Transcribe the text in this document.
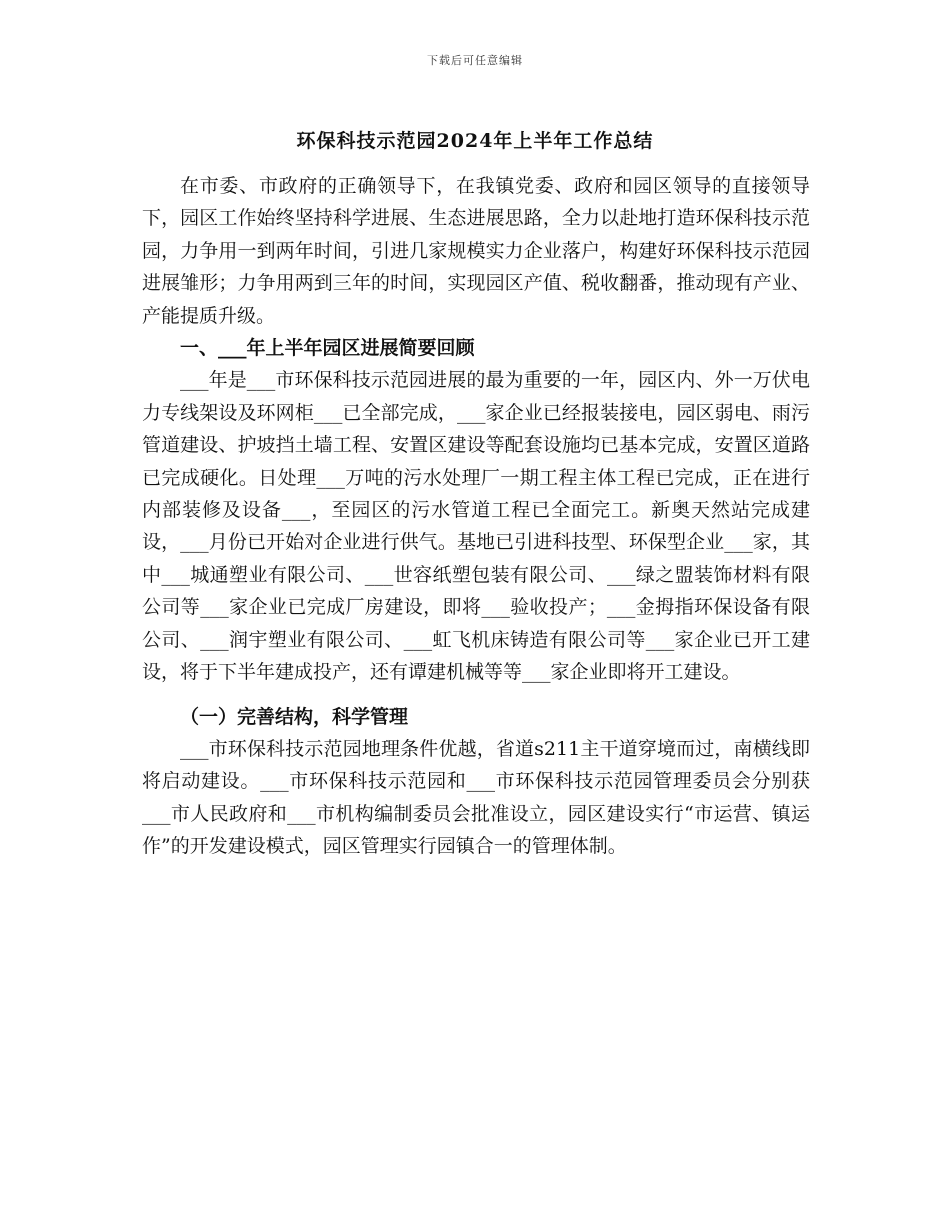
下载后可任意编辑
环保科技示范园2024年上半年工作总结

在市委、市政府的正确领导下，在我镇党委、政府和园区领导的直接领导下，园区工作始终坚持科学进展、生态进展思路，全力以赴地打造环保科技示范园，力争用一到两年时间，引进几家规模实力企业落户，构建好环保科技示范园进展雏形；力争用两到三年的时间，实现园区产值、税收翻番，推动现有产业、产能提质升级。

一、___年上半年园区进展简要回顾

___年是___市环保科技示范园进展的最为重要的一年，园区内、外一万伏电力专线架设及环网柜___已全部完成，___家企业已经报装接电，园区弱电、雨污管道建设、护坡挡土墙工程、安置区建设等配套设施均已基本完成，安置区道路已完成硬化。日处理___万吨的污水处理厂一期工程主体工程已完成，正在进行内部装修及设备___，至园区的污水管道工程已全面完工。新奥天然站完成建设，___月份已开始对企业进行供气。基地已引进科技型、环保型企业___家，其中___城通塑业有限公司、___世容纸塑包装有限公司、___绿之盟装饰材料有限公司等___家企业已完成厂房建设，即将___验收投产；___金拇指环保设备有限公司、___润宇塑业有限公司、___虹飞机床铸造有限公司等___家企业已开工建设，将于下半年建成投产，还有谭建机械等等___家企业即将开工建设。

（一）完善结构，科学管理

___市环保科技示范园地理条件优越，省道s211主干道穿境而过，南横线即将启动建设。___市环保科技示范园和___市环保科技示范园管理委员会分别获___市人民政府和___市机构编制委员会批准设立，园区建设实行“市运营、镇运作”的开发建设模式，园区管理实行园镇合一的管理体制。
